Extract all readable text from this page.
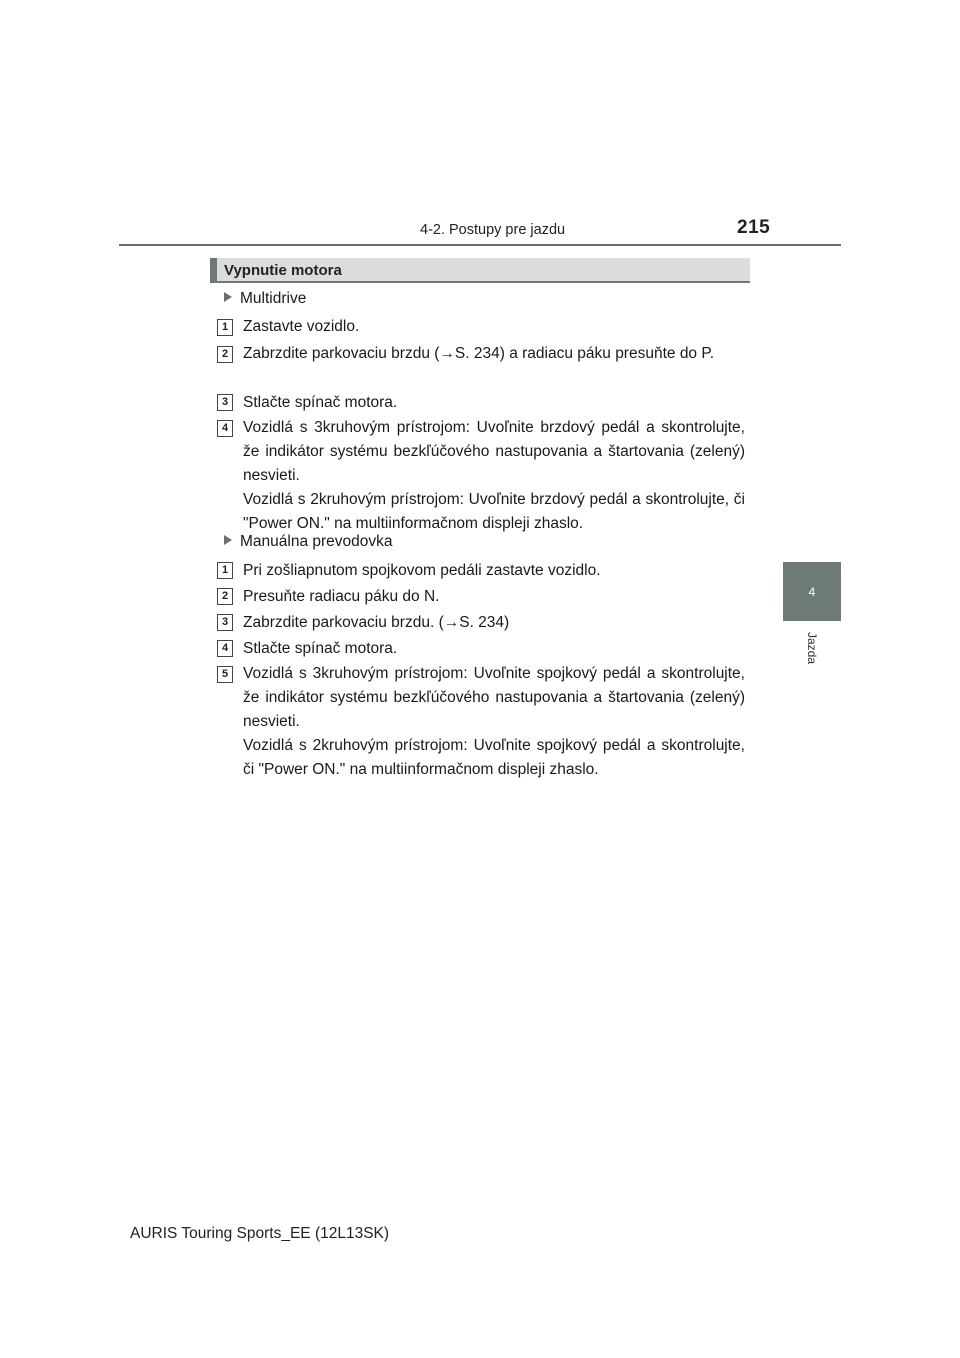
4-2. Postupy pre jazdu	215
4
Jazda
Vypnutie motora
Multidrive
1 Zastavte vozidlo.

2 Zabrzdite parkovaciu brzdu (→S. 234) a radiacu páku presuňte do P.

3 Stlačte spínač motora.

4 Vozidlá s 3kruhovým prístrojom: Uvoľnite brzdový pedál a skontrolujte, že indikátor systému bezkľúčového nastupovania a štartovania (zelený) nesvieti.

Vozidlá s 2kruhovým prístrojom: Uvoľnite brzdový pedál a skontrolujte, či "Power ON." na multiinformačnom displeji zhaslo.

Manuálna prevodovka
1 Pri zošliapnutom spojkovom pedáli zastavte vozidlo.

2 Presuňte radiacu páku do N.

3 Zabrzdite parkovaciu brzdu. (→S. 234)

4 Stlačte spínač motora.

5 Vozidlá s 3kruhovým prístrojom: Uvoľnite spojkový pedál a skontrolujte, že indikátor systému bezkľúčového nastupovania a štartovania (zelený) nesvieti.

Vozidlá s 2kruhovým prístrojom: Uvoľnite spojkový pedál a skontrolujte, či "Power ON." na multiinformačnom displeji zhaslo.

AURIS Touring Sports_EE (12L13SK)
